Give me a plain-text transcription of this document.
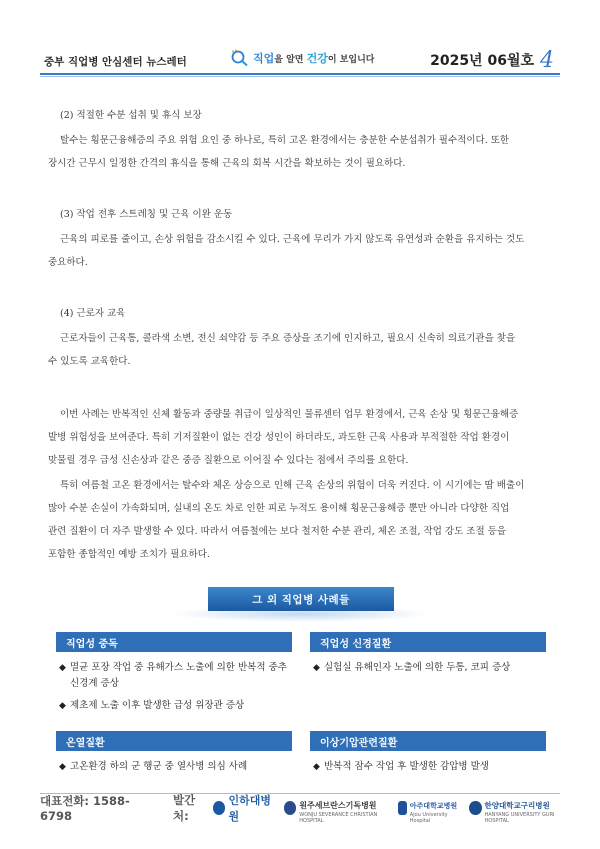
중부 직업병 안심센터 뉴스레터	직업을 알면 건강이 보입니다	2025년 06월호 4
(2) 적절한 수분 섭취 및 휴식 보장
탈수는 횡문근융해증의 주요 위험 요인 중 하나로, 특히 고온 환경에서는 충분한 수분섭취가 필수적이다. 또한
장시간 근무시 일정한 간격의 휴식을 통해 근육의 회복 시간을 확보하는 것이 필요하다.
(3) 작업 전후 스트레칭 및 근육 이완 운동
근육의 피로를 줄이고, 손상 위험을 감소시킬 수 있다. 근육에 무리가 가지 않도록 유연성과 순환을 유지하는 것도
중요하다.
(4) 근로자 교육
근로자들이 근육통, 콜라색 소변, 전신 쇠약감 등 주요 증상을 조기에 인지하고, 필요시 신속히 의료기관을 찾을
수 있도록 교육한다.
이번 사례는 반복적인 신체 활동과 중량물 취급이 일상적인 물류센터 업무 환경에서, 근육 손상 및 횡문근융해증
발병 위험성을 보여준다. 특히 기저질환이 없는 건강 성인이 하더라도, 과도한 근육 사용과 부적절한 작업 환경이
맞물릴 경우 급성 신손상과 같은 중증 질환으로 이어질 수 있다는 점에서 주의를 요한다.
특히 여름철 고온 환경에서는 탈수와 체온 상승으로 인해 근육 손상의 위험이 더욱 커진다. 이 시기에는 땀 배출이
많아 수분 손실이 가속화되며, 실내의 온도 차로 인한 피로 누적도 용이해 횡문근융해증 뿐만 아니라 다양한 직업
관련 질환이 더 자주 발생할 수 있다. 따라서 여름철에는 보다 철저한 수분 관리, 체온 조절, 작업 강도 조절 등을
포함한 종합적인 예방 조치가 필요하다.
그 외 직업병 사례들
직업성 중독
◆ 멸균 포장 작업 중 유해가스 노출에 의한 반복적 중추신경계 증상
◆ 제초제 노출 이후 발생한 급성 위장관 증상
직업성 신경질환
◆ 실험실 유해인자 노출에 의한 두통, 코피 증상
온열질환
◆ 고온환경 하의 군 행군 중 열사병 의심 사례
이상기압관련질환
◆ 반복적 잠수 작업 후 발생한 감압병 발생
대표전화: 1588-6798
발간처:
인하대병원
원주세브란스기독병원
WONJU SEVERANCE CHRISTIAN HOSPITAL
아주대학교병원
Ajou University Hospital
한양대학교구리병원
HANYANG UNIVERSITY GURI HOSPITAL
